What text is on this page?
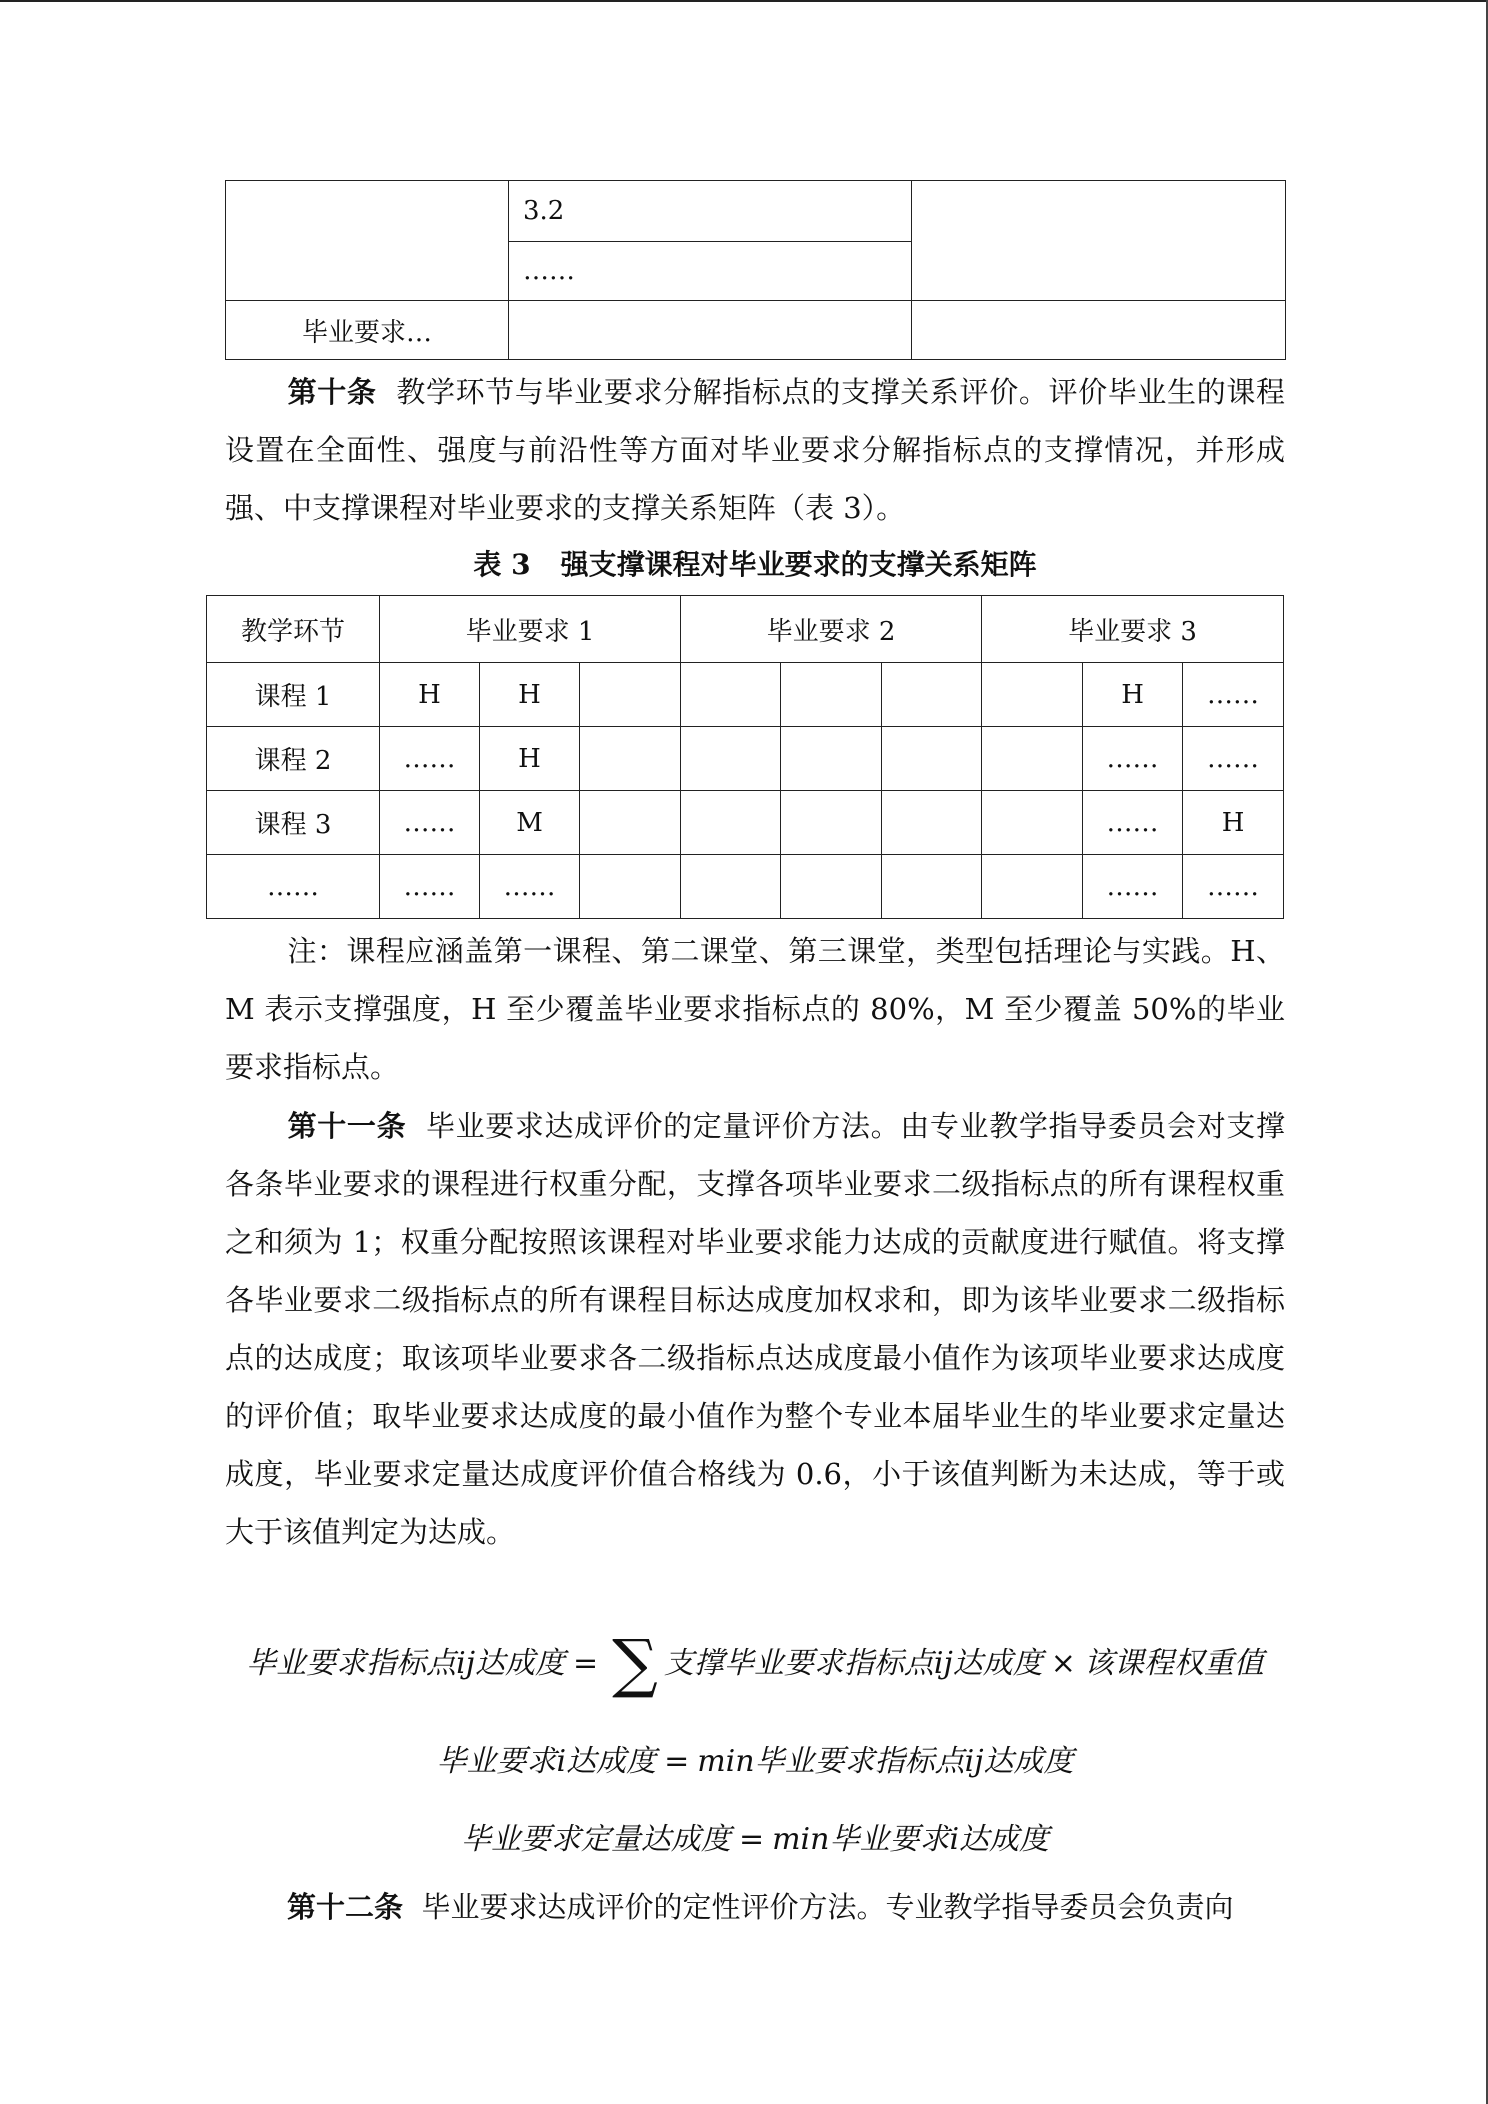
	3.2	
	……	
毕业要求…		

第十条 教学环节与毕业要求分解指标点的支撑关系评价。评价毕业生的课程设置在全面性、强度与前沿性等方面对毕业要求分解指标点的支撑情况，并形成强、中支撑课程对毕业要求的支撑关系矩阵（表 3）。

表 3 强支撑课程对毕业要求的支撑关系矩阵
教学环节	毕业要求 1			毕业要求 2			毕业要求 3		
课程 1	H	H						H	……
课程 2	……	H						……	……
课程 3	……	M						……	H
……	……	……						……	……

注：课程应涵盖第一课程、第二课堂、第三课堂，类型包括理论与实践。H、M 表示支撑强度，H 至少覆盖毕业要求指标点的 80%，M 至少覆盖 50%的毕业要求指标点。

第十一条 毕业要求达成评价的定量评价方法。由专业教学指导委员会对支撑各条毕业要求的课程进行权重分配，支撑各项毕业要求二级指标点的所有课程权重之和须为 1；权重分配按照该课程对毕业要求能力达成的贡献度进行赋值。将支撑各毕业要求二级指标点的所有课程目标达成度加权求和，即为该毕业要求二级指标点的达成度；取该项毕业要求各二级指标点达成度最小值作为该项毕业要求达成度的评价值；取毕业要求达成度的最小值作为整个专业本届毕业生的毕业要求定量达成度，毕业要求定量达成度评价值合格线为 0.6，小于该值判断为未达成，等于或大于该值判定为达成。

毕业要求指标点ij达成度 = ∑ 支撑毕业要求指标点ij达成度 × 该课程权重值
毕业要求i达成度 = min毕业要求指标点ij达成度
毕业要求定量达成度 = min毕业要求i达成度

第十二条 毕业要求达成评价的定性评价方法。专业教学指导委员会负责向
